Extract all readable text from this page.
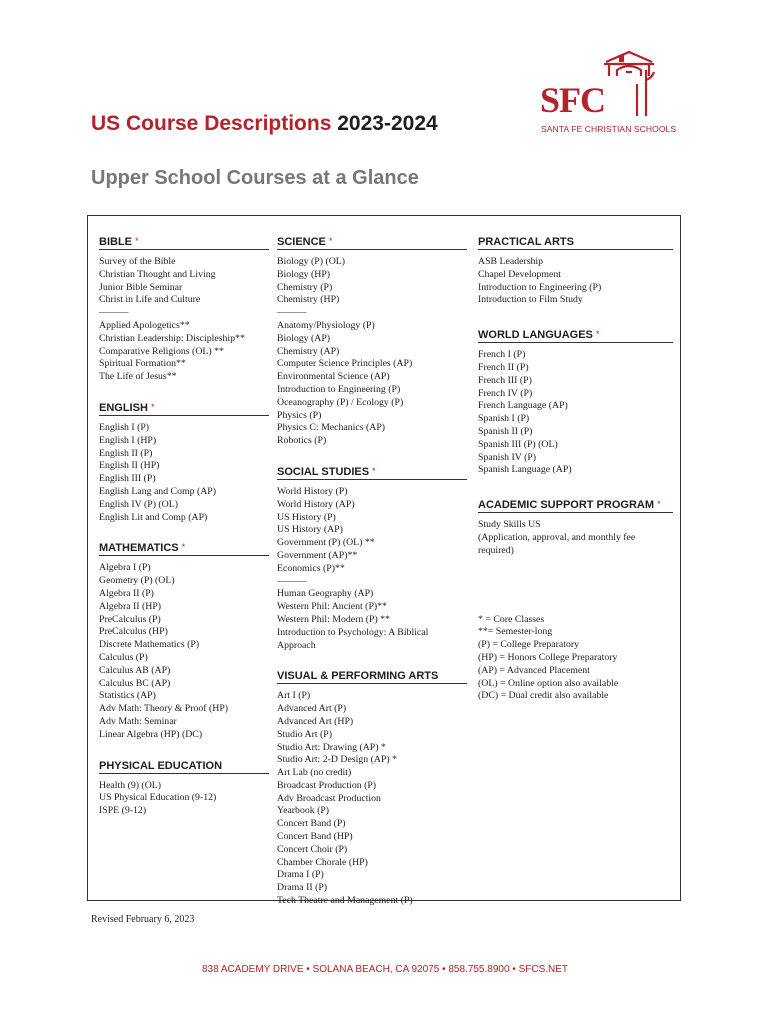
US Course Descriptions 2023-2024
Upper School Courses at a Glance
SFC
SANTA FE CHRISTIAN SCHOOLS
BIBLE *
Survey of the Bible
Christian Thought and Living
Junior Bible Seminar
Christ in Life and Culture
———
Applied Apologetics**
Christian Leadership: Discipleship**
Comparative Religions (OL) **
Spiritual Formation**
The Life of Jesus**
ENGLISH *
English I (P)
English I (HP)
English II (P)
English II (HP)
English III (P)
English Lang and Comp (AP)
English IV (P) (OL)
English Lit and Comp (AP)
MATHEMATICS *
Algebra I (P)
Geometry (P) (OL)
Algebra II (P)
Algebra II (HP)
PreCalculus (P)
PreCalculus (HP)
Discrete Mathematics (P)
Calculus (P)
Calculus AB (AP)
Calculus BC (AP)
Statistics (AP)
Adv Math: Theory & Proof (HP)
Adv Math: Seminar
Linear Algebra (HP) (DC)
PHYSICAL EDUCATION
Health (9) (OL)
US Physical Education (9-12)
ISPE (9-12)
SCIENCE *
Biology (P) (OL)
Biology (HP)
Chemistry (P)
Chemistry (HP)
———
Anatomy/Physiology (P)
Biology (AP)
Chemistry (AP)
Computer Science Principles (AP)
Environmental Science (AP)
Introduction to Engineering (P)
Oceanography (P) / Ecology (P)
Physics (P)
Physics C: Mechanics (AP)
Robotics (P)
SOCIAL STUDIES *
World History (P)
World History (AP)
US History (P)
US History (AP)
Government (P) (OL) **
Government (AP)**
Economics (P)**
———
Human Geography (AP)
Western Phil: Ancient (P)**
Western Phil: Modern (P) **
Introduction to Psychology: A Biblical Approach
VISUAL & PERFORMING ARTS
Art I (P)
Advanced Art (P)
Advanced Art (HP)
Studio Art (P)
Studio Art: Drawing (AP) *
Studio Art: 2-D Design (AP) *
Art Lab (no credit)
Broadcast Production (P)
Adv Broadcast Production
Yearbook (P)
Concert Band (P)
Concert Band (HP)
Concert Choir (P)
Chamber Chorale (HP)
Drama I (P)
Drama II (P)
Tech Theatre and Management (P)
PRACTICAL ARTS
ASB Leadership
Chapel Development
Introduction to Engineering (P)
Introduction to Film Study
WORLD LANGUAGES *
French I (P)
French II (P)
French III (P)
French IV (P)
French Language (AP)
Spanish I (P)
Spanish II (P)
Spanish III (P) (OL)
Spanish IV (P)
Spanish Language (AP)
ACADEMIC SUPPORT PROGRAM *
Study Skills US
(Application, approval, and monthly fee required)
* = Core Classes
**= Semester-long
(P) = College Preparatory
(HP) = Honors College Preparatory
(AP) = Advanced Placement
(OL) = Online option also available
(DC) = Dual credit also available
Revised February 6, 2023
838 ACADEMY DRIVE • SOLANA BEACH, CA 92075 • 858.755.8900 • SFCS.NET
